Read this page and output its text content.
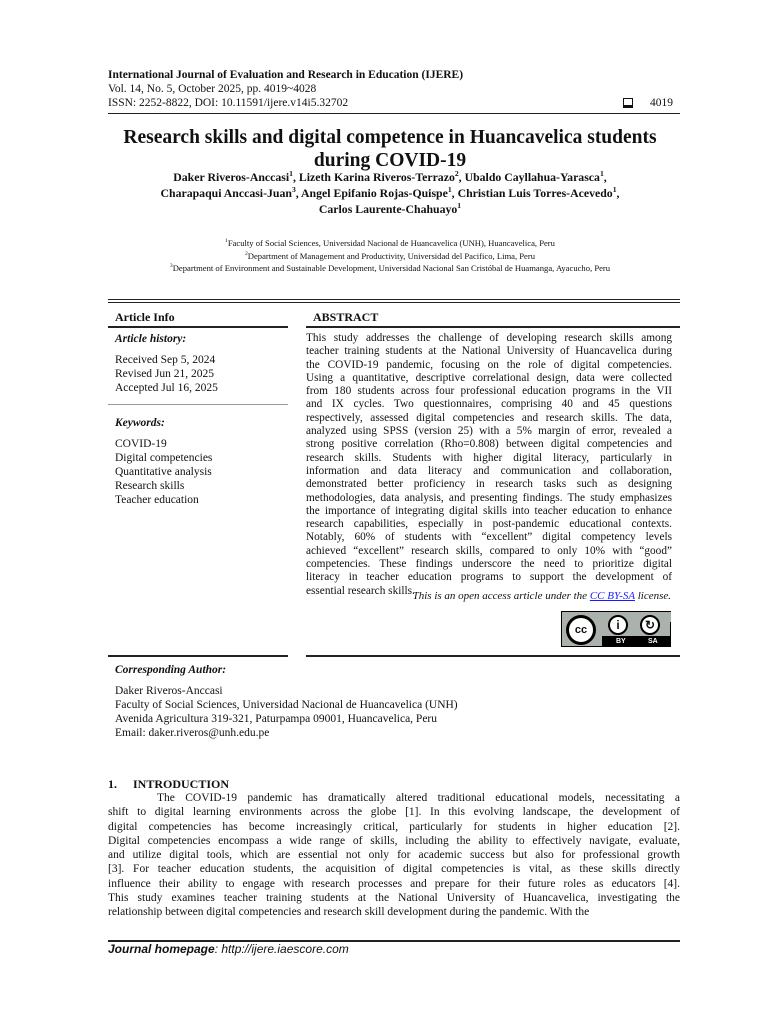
International Journal of Evaluation and Research in Education (IJERE)
Vol. 14, No. 5, October 2025, pp. 4019~4028
ISSN: 2252-8822, DOI: 10.11591/ijere.v14i5.32702	4019
Research skills and digital competence in Huancavelica students
during COVID-19
Daker Riveros-Anccasi$^1$, Lizeth Karina Riveros-Terrazo$^2$, Ubaldo Cayllahua-Yarasca$^1$,
Charapaqui Anccasi-Juan$^3$, Angel Epifanio Rojas-Quispe$^1$, Christian Luis Torres-Acevedo$^1$,
Carlos Laurente-Chahuayo$^1$
$^1$Faculty of Social Sciences, Universidad Nacional de Huancavelica (UNH), Huancavelica, Peru
$^2$Department of Management and Productivity, Universidad del Pacifico, Lima, Peru
$^3$Department of Environment and Sustainable Development, Universidad Nacional San Cristóbal de Huamanga, Ayacucho, Peru
Article Info
Article history:
Received Sep 5, 2024
Revised Jun 21, 2025
Accepted Jul 16, 2025
Keywords:
COVID-19
Digital competencies
Quantitative analysis
Research skills
Teacher education
ABSTRACT
This study addresses the challenge of developing research skills among
teacher training students at the National University of Huancavelica during
the COVID-19 pandemic, focusing on the role of digital competencies.
Using a quantitative, descriptive correlational design, data were collected
from 180 students across four professional education programs in the VII
and IX cycles. Two questionnaires, comprising 40 and 45 questions
respectively, assessed digital competencies and research skills. The data,
analyzed using SPSS (version 25) with a 5% margin of error, revealed a
strong positive correlation (Rho=0.808) between digital competencies and
research skills. Students with higher digital literacy, particularly in
information and data literacy and communication and collaboration,
demonstrated better proficiency in research tasks such as designing
methodologies, data analysis, and presenting findings. The study emphasizes
the importance of integrating digital skills into teacher education to enhance
research capabilities, especially in post-pandemic educational contexts.
Notably, 60% of students with “excellent” digital competency levels
achieved “excellent” research skills, compared to only 10% with “good”
competencies. These findings underscore the need to prioritize digital
literacy in teacher education programs to support the development of
essential research skills.
This is an open access article under the CC BY-SA license.
cc
BY	SA
i	↻
Corresponding Author:
Daker Riveros-Anccasi
Faculty of Social Sciences, Universidad Nacional de Huancavelica (UNH)
Avenida Agricultura 319-321, Paturpampa 09001, Huancavelica, Peru
Email: daker.riveros@unh.edu.pe
1. INTRODUCTION
The COVID-19 pandemic has dramatically altered traditional educational models, necessitating a
shift to digital learning environments across the globe [1]. In this evolving landscape, the development of
digital competencies has become increasingly critical, particularly for students in higher education [2].
Digital competencies encompass a wide range of skills, including the ability to effectively navigate, evaluate,
and utilize digital tools, which are essential not only for academic success but also for professional growth
[3]. For teacher education students, the acquisition of digital competencies is vital, as these skills directly
influence their ability to engage with research processes and prepare for their future roles as educators [4].
This study examines teacher training students at the National University of Huancavelica, investigating the
relationship between digital competencies and research skill development during the pandemic. With the
Journal homepage: http://ijere.iaescore.com
